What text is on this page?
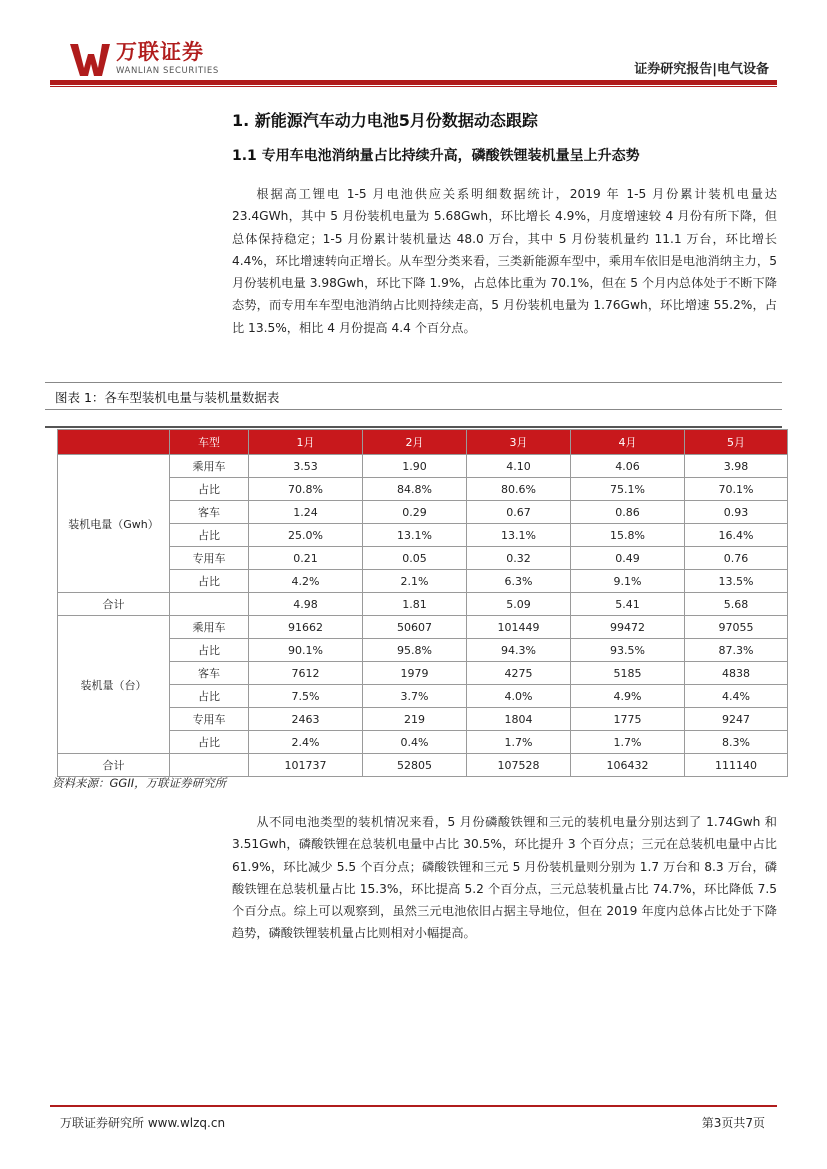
万联证券
WANLIAN SECURITIES	证券研究报告|电气设备
1. 新能源汽车动力电池5月份数据动态跟踪
1.1 专用车电池消纳量占比持续升高，磷酸铁锂装机量呈上升态势
根据高工锂电 1-5 月电池供应关系明细数据统计，2019 年 1-5 月份累计装机电量达 23.4GWh，其中 5 月份装机电量为 5.68Gwh，环比增长 4.9%，月度增速较 4 月份有所下降，但总体保持稳定；1-5 月份累计装机量达 48.0 万台，其中 5 月份装机量约 11.1 万台，环比增长 4.4%，环比增速转向正增长。从车型分类来看，三类新能源车型中，乘用车依旧是电池消纳主力，5 月份装机电量 3.98Gwh，环比下降 1.9%，占总体比重为 70.1%，但在 5 个月内总体处于不断下降态势，而专用车车型电池消纳占比则持续走高，5 月份装机电量为 1.76Gwh，环比增速 55.2%，占比 13.5%，相比 4 月份提高 4.4 个百分点。
图表 1：各车型装机电量与装机量数据表
	车型	1月	2月	3月	4月	5月
装机电量（Gwh）	乘用车	3.53	1.90	4.10	4.06	3.98
	占比	70.8%	84.8%	80.6%	75.1%	70.1%
	客车	1.24	0.29	0.67	0.86	0.93
	占比	25.0%	13.1%	13.1%	15.8%	16.4%
	专用车	0.21	0.05	0.32	0.49	0.76
	占比	4.2%	2.1%	6.3%	9.1%	13.5%
合计		4.98	1.81	5.09	5.41	5.68
装机量（台）	乘用车	91662	50607	101449	99472	97055
	占比	90.1%	95.8%	94.3%	93.5%	87.3%
	客车	7612	1979	4275	5185	4838
	占比	7.5%	3.7%	4.0%	4.9%	4.4%
	专用车	2463	219	1804	1775	9247
	占比	2.4%	0.4%	1.7%	1.7%	8.3%
合计		101737	52805	107528	106432	111140
资料来源：GGII，万联证券研究所
从不同电池类型的装机情况来看，5 月份磷酸铁锂和三元的装机电量分别达到了 1.74Gwh 和 3.51Gwh，磷酸铁锂在总装机电量中占比 30.5%，环比提升 3 个百分点；三元在总装机电量中占比 61.9%，环比减少 5.5 个百分点；磷酸铁锂和三元 5 月份装机量则分别为 1.7 万台和 8.3 万台，磷酸铁锂在总装机量占比 15.3%，环比提高 5.2 个百分点，三元总装机量占比 74.7%，环比降低 7.5 个百分点。综上可以观察到，虽然三元电池依旧占据主导地位，但在 2019 年度内总体占比处于下降趋势，磷酸铁锂装机量占比则相对小幅提高。
万联证券研究所 www.wlzq.cn	第3页共7页
